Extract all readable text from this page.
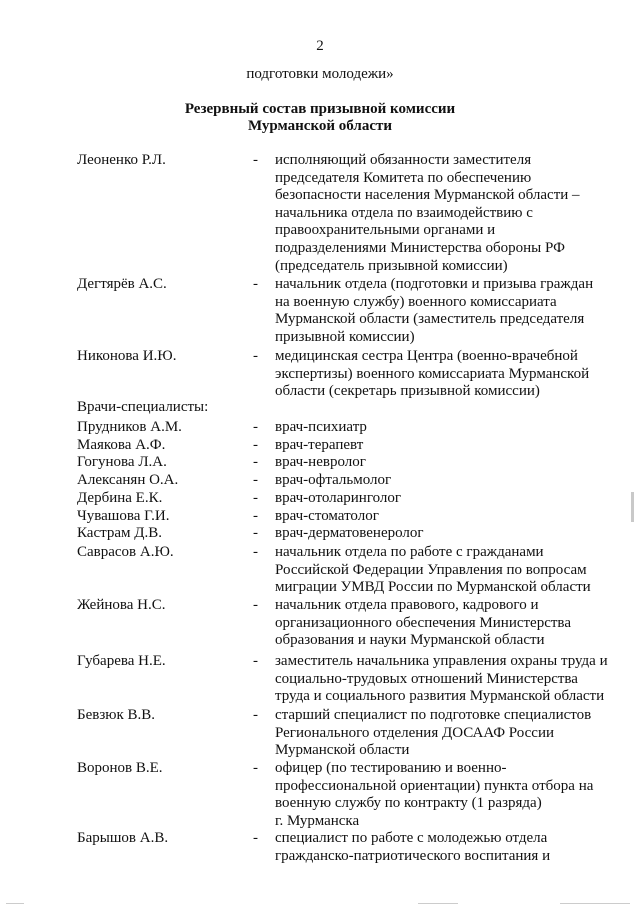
2
подготовки молодежи»
Резервный состав призывной комиссии
Мурманской области
Леоненко Р.Л.	-	исполняющий обязанности заместителя
председателя Комитета по обеспечению
безопасности населения Мурманской области –
начальника отдела по взаимодействию с
правоохранительными органами и
подразделениями Министерства обороны РФ
(председатель призывной комиссии)
Дегтярёв А.С.	-	начальник отдела (подготовки и призыва граждан
на военную службу) военного комиссариата
Мурманской области (заместитель председателя
призывной комиссии)
Никонова И.Ю.	-	медицинская сестра Центра (военно-врачебной
экспертизы) военного комиссариата Мурманской
области (секретарь призывной комиссии)
Прудников А.М.	-	врач-психиатр
Маякова А.Ф.	-	врач-терапевт
Гогунова Л.А.	-	врач-невролог
Алексанян О.А.	-	врач-офтальмолог
Дербина Е.К.	-	врач-отоларинголог
Чувашова Г.И.	-	врач-стоматолог
Кастрам Д.В.	-	врач-дерматовенеролог
Саврасов А.Ю.	-	начальник отдела по работе с гражданами
Российской Федерации Управления по вопросам
миграции УМВД России по Мурманской области
Жейнова Н.С.	-	начальник отдела правового, кадрового и
организационного обеспечения Министерства
образования и науки Мурманской области
Губарева Н.Е.	-	заместитель начальника управления охраны труда и
социально-трудовых отношений Министерства
труда и социального развития Мурманской области
Бевзюк В.В.	-	старший специалист по подготовке специалистов
Регионального отделения ДОСААФ России
Мурманской области
Воронов В.Е.	-	офицер (по тестированию и военно-
профессиональной ориентации) пункта отбора на
военную службу по контракту (1 разряда)
г. Мурманска
Барышов А.В.	-	специалист по работе с молодежью отдела
гражданско-патриотического воспитания и
Врачи-специалисты:
